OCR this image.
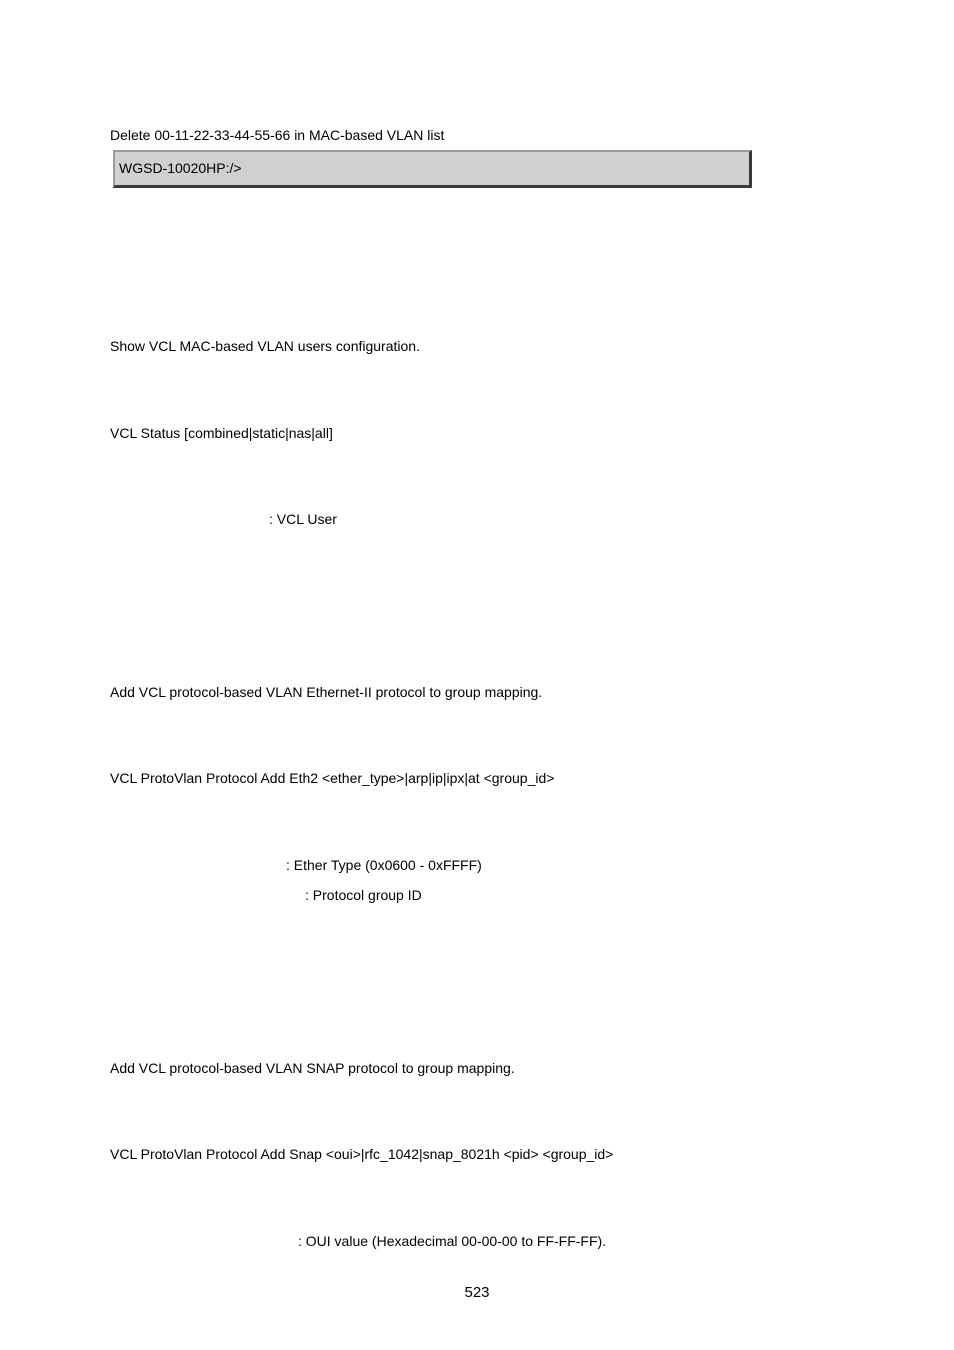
Delete 00-11-22-33-44-55-66 in MAC-based VLAN list
WGSD-10020HP:/>
Show VCL MAC-based VLAN users configuration.
VCL Status [combined|static|nas|all]
: VCL User
Add VCL protocol-based VLAN Ethernet-II protocol to group mapping.
VCL ProtoVlan Protocol Add Eth2 <ether_type>|arp|ip|ipx|at <group_id>
: Ether Type (0x0600 - 0xFFFF)
: Protocol group ID
Add VCL protocol-based VLAN SNAP protocol to group mapping.
VCL ProtoVlan Protocol Add Snap <oui>|rfc_1042|snap_8021h <pid> <group_id>
: OUI value (Hexadecimal 00-00-00 to FF-FF-FF).
523
